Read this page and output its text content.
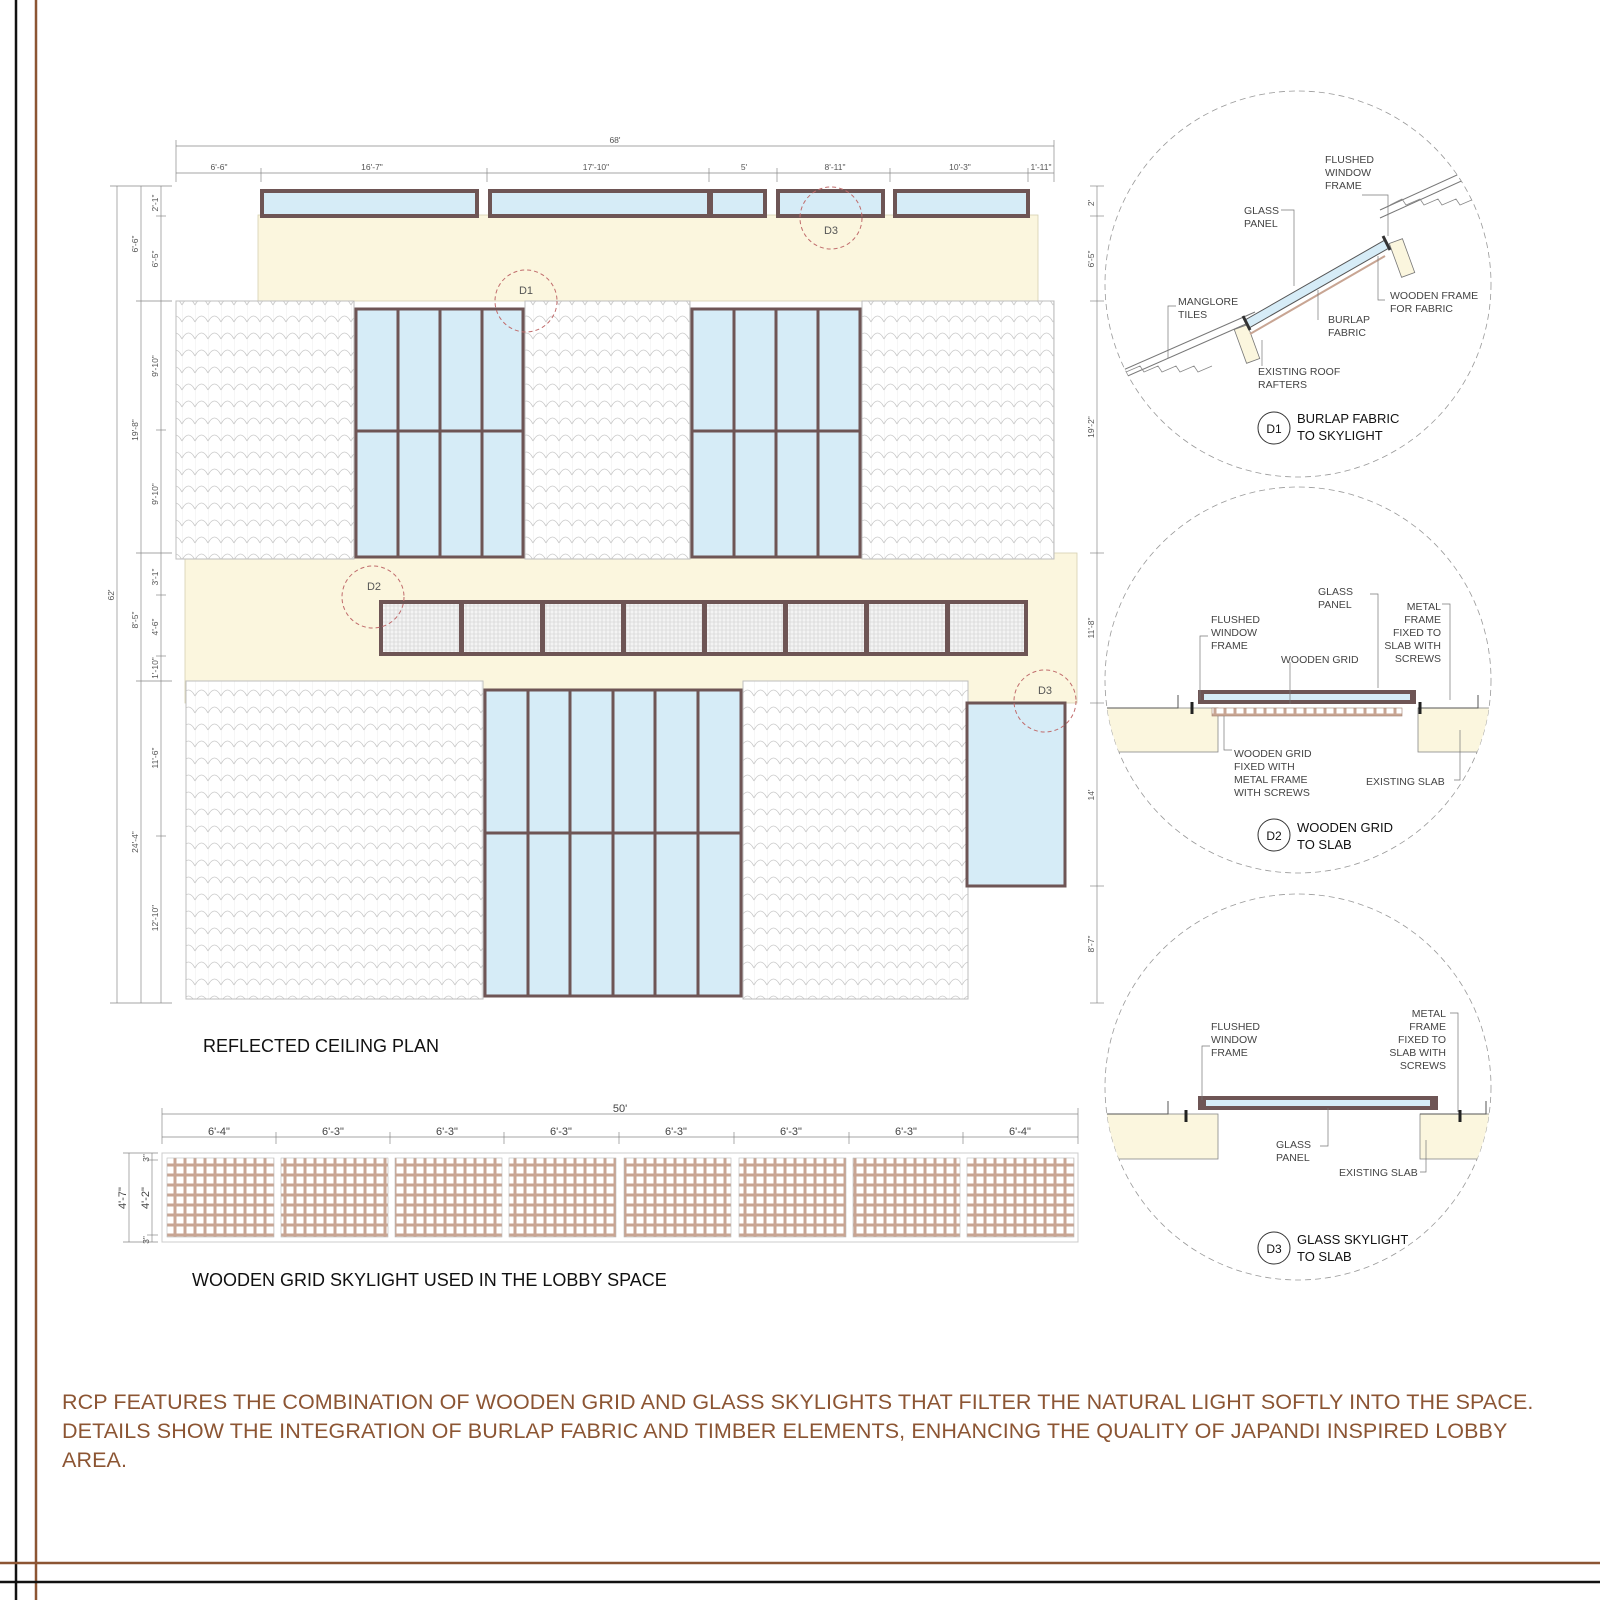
D1
D2
D3
D3
68'
6'-6"	16'-7"	17'-10"	5'	8'-11"	10'-3"	1'-11"
62'
6'-6"
19'-8"
8'-5"
24'-4"
2'-1"
6'-5"
9'-10"
9'-10"
3'-1"
4'-6"
1'-10"
11'-6"
12'-10"
2'
6'-5"
19'-2"
11'-8"
14'
8'-7"
REFLECTED CEILING PLAN
50'
6'-4"	6'-3"	6'-3"	6'-3"	6'-3"	6'-3"	6'-3"	6'-4"
4'-7"
3"
4'-2"
3"
WOODEN GRID SKYLIGHT USED IN THE LOBBY SPACE
FLUSHED
WINDOW
FRAME
GLASS
PANEL
MANGLORE
TILES
WOODEN FRAME
FOR FABRIC
BURLAP
FABRIC
EXISTING ROOF
RAFTERS
D1
BURLAP FABRIC
TO SKYLIGHT
GLASS
PANEL	METAL
FRAME
FIXED TO
SLAB WITH
SCREWS
FLUSHED
WINDOW
FRAME
WOODEN GRID
WOODEN GRID
FIXED WITH
METAL FRAME
WITH SCREWS
EXISTING SLAB
D2
WOODEN GRID
TO SLAB
FLUSHED
WINDOW
FRAME
METAL
FRAME
FIXED TO
SLAB WITH
SCREWS
GLASS
PANEL
EXISTING SLAB
D3
GLASS SKYLIGHT
TO SLAB
RCP FEATURES THE COMBINATION OF WOODEN GRID AND GLASS SKYLIGHTS THAT FILTER THE NATURAL LIGHT SOFTLY INTO THE SPACE. DETAILS SHOW THE INTEGRATION OF BURLAP FABRIC AND TIMBER ELEMENTS, ENHANCING THE QUALITY OF JAPANDI INSPIRED LOBBY AREA.
